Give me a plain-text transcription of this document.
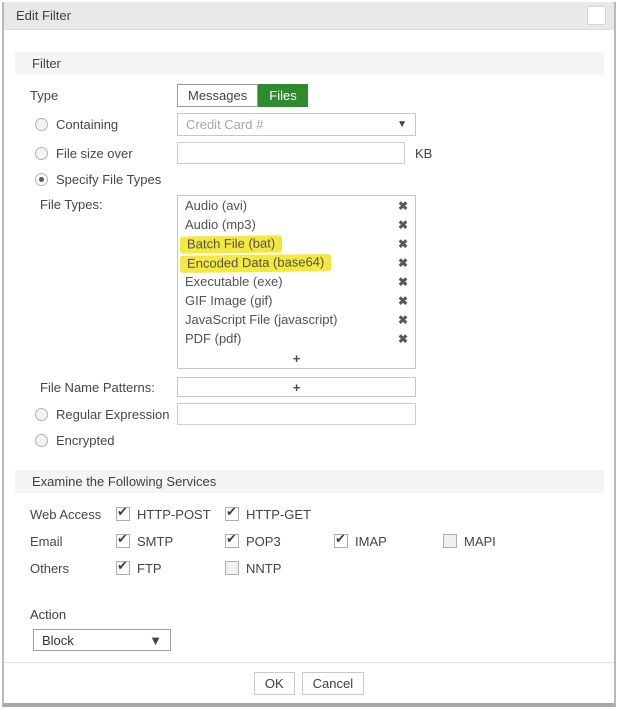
Edit Filter
Filter
Type	Messages	Files
Containing	Credit Card #	▼
File size over	KB
Specify File Types
File Types:	Audio (avi)	✖
Audio (mp3)	✖
Batch File (bat)	✖
Encoded Data (base64)	✖
Executable (exe)	✖
GIF Image (gif)	✖
JavaScript File (javascript)	✖
PDF (pdf)	✖
+
File Name Patterns:	+
Regular Expression
Encrypted
Examine the Following Services
Web Access	✔ HTTP-POST ✔ HTTP-GET
Email	✔ SMTP	✔ POP3	✔ IMAP	MAPI
Others	✔ FTP	NNTP
Action
Block	▼
OK	Cancel
